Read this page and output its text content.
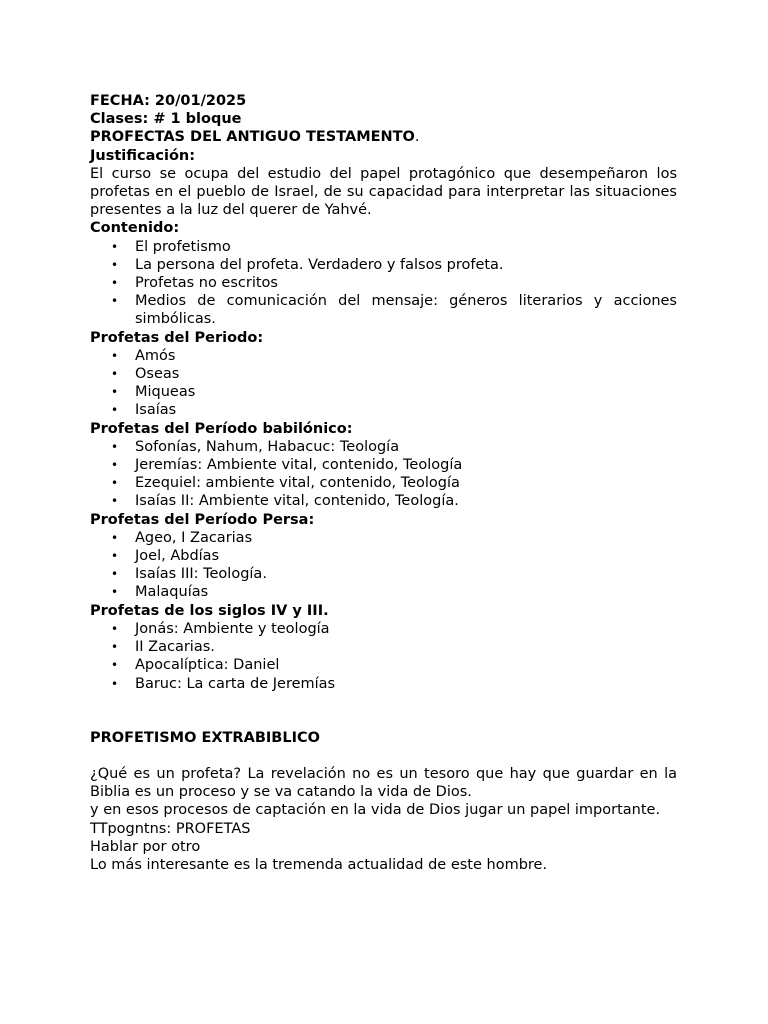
FECHA: 20/01/2025

Clases: # 1 bloque

PROFECTAS DEL ANTIGUO TESTAMENTO.

Justificación:

El curso se ocupa del estudio del papel protagónico que desempeñaron los profetas en el pueblo de Israel, de su capacidad para interpretar las situaciones presentes a la luz del querer de Yahvé.

Contenido:

• El profetismo
• La persona del profeta. Verdadero y falsos profeta.
• Profetas no escritos
• Medios de comunicación del mensaje: géneros literarios y acciones simbólicas.

Profetas del Periodo:

• Amós
• Oseas
• Miqueas
• Isaías

Profetas del Período babilónico:

• Sofonías, Nahum, Habacuc: Teología
• Jeremías: Ambiente vital, contenido, Teología
• Ezequiel: ambiente vital, contenido, Teología
• Isaías II: Ambiente vital, contenido, Teología.

Profetas del Período Persa:

• Ageo, I Zacarias
• Joel, Abdías
• Isaías III: Teología.
• Malaquías

Profetas de los siglos IV y III.

• Jonás: Ambiente y teología
• II Zacarias.
• Apocalíptica: Daniel
• Baruc: La carta de Jeremías

PROFETISMO EXTRABIBLICO

¿Qué es un profeta? La revelación no es un tesoro que hay que guardar en la Biblia es un proceso y se va catando la vida de Dios.

y en esos procesos de captación en la vida de Dios jugar un papel importante.

TTpogntns: PROFETAS

Hablar por otro

Lo más interesante es la tremenda actualidad de este hombre.
